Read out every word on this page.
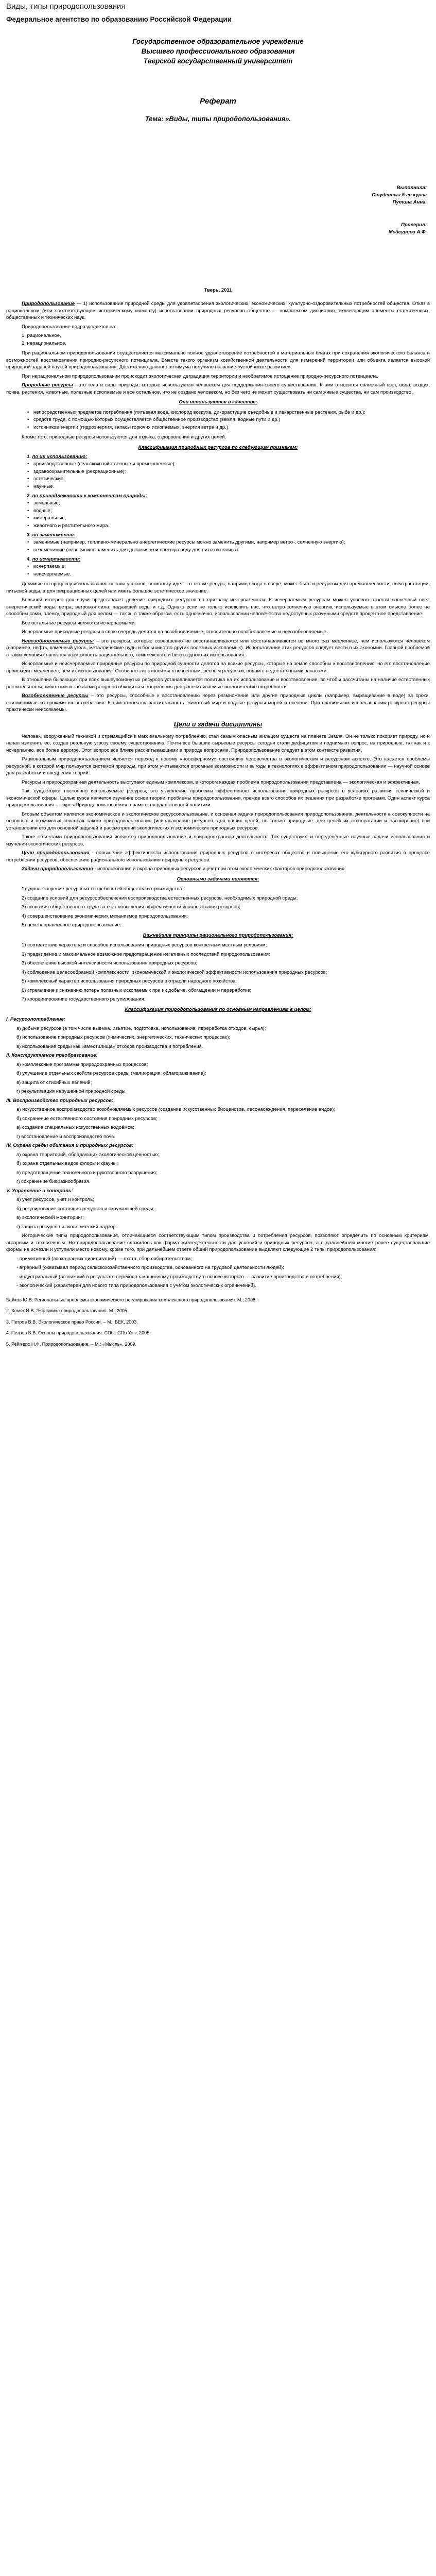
Виды, типы природопользования
Федеральное агентство по образованию Российской Федерации
Государственное образовательное учреждение
Высшего профессионального образования
Тверской государственный университет
Реферат
Тема: «Виды, типы природопользования».
Выполнила:
Студентка 5-го курса
Путина Анна.
Проверил:
Мейсурова А.Ф.
Тверь, 2011

Природопользование — 1) использование природной среды для удовлетворения экологических, экономических, культурно-оздоровительных потребностей общества. Отказ в рациональном (или соответствующем историческому моменту) использовании природных ресурсов общество — комплексом дисциплин, включающим элементы естественных, общественных и технических наук.

Природопользование подразделяется на:

1. рациональное,
2. нерациональное.

При рациональном природопользовании осуществляется максимально полное удовлетворение потребностей в материальных благах при сохранении экологического баланса и возможностей восстановления природно-ресурсного потенциала. Вместе такого организм хозяйственной деятельности для измерений территории или объекта является высокой природной задачей наукой природопользования. Достижению данного оптимума получило название «устойчивое развитие».

При нерациональном природопользовании происходит экологическая деградация территории и необратимое истощение природно-ресурсного потенциала.

Природные ресурсы - это тела и силы природы, которые используются человеком для поддержания своего существования. К ним относятся солнечный свет, вода, воздух, почва, растения, животные, полезные ископаемые и всё остальное, что не создано человеком, но без чего не может существовать ни сам живые существа, ни сам производство.

Они используются в качестве:

• непосредственных предметов потребления (питьевая вода, кислород воздуха, дикорастущие съедобные и лекарственные растения, рыба и др.);
• средств труда, с помощью которых осуществляется общественное производство (земля, водные пути и др.)
• источников энергии (гидроэнергия, запасы горючих ископаемых, энергия ветра и др.)

Кроме того, природные ресурсы используются для отдыха, оздоровления и других целей.

Классификация природных ресурсов по следующим признакам:

1. по их использованию:
• производственные (сельскохозяйственные и промышленные);
• здравоохранительные (рекреационные);
• эстетические;
• научные.
2. по принадлежности к компонентам природы:
• земельные;
• водные;
• минеральные,
• животного и растительного мира.
3. по заменимости:
• заменимые (например, топливно-минерально-энергетические ресурсы можно заменить другими, например ветро-, солнечную энергию);
• незаменимые (невозможно заменить для дыхания или пресную воду для питья и полива).
4. по исчерпаемости:
• исчерпаемые;
• неисчерпаемые.

Делимые по процессу использования весьма условно, поскольку идет -- в тот же ресурс, например вода в озере, может быть и ресурсом для промышленности, электростанции, питьевой воды, а для рекреационных целей или иметь большое эстетическое значение.

Большой интерес для науки представляет деление природных ресурсов по признаку исчерпаемости. К исчерпаемым ресурсам можно условно отнести солнечный свет, энергетический воды, ветра, ветровая сила, падающей воды и т.д. Однако если не только исключить нас, что ветро-солнечную энергию, используемые в этом смысле более не способны сами, пленку, природный для целом — так ж, а также образом, есть однозначно, использовании человечества недоступных разумными средств процентное представление.

Все остальные ресурсы являются исчерпаемыми.

Исчерпаемые природные ресурсы в свою очередь делятся на возобновляемые, относительно возобновляемые и невозобновляемые.

Невозобновляемые ресурсы – это ресурсы, которые совершенно не восстанавливаются или восстанавливаются во много раз медленнее, чем используются человеком (например, нефть, каменный уголь, металлические руды и большинство других полезных ископаемых). Использование этих ресурсов следует вести в их экономии. Главной проблемой в таких условиях является возможность рационального, комплексного и безотходного их использования.

Исчерпаемые и неисчерпаемые природные ресурсы по природной сущности делятся на всякие ресурсы, которые на земле способны к восстановлению, но его восстановление происходит медленнее, чем их использование. Особенно это относится к почвенным, лесным ресурсам, водам с недостаточными запасами.

В отношении бывающих при всех вышеупомянутых ресурсов устанавливается политика на их использование и восстановление, во чтобы рассчитаны на наличие естественных растительности, животным и запасами ресурсов обходиться оборонения для рассчитываемые экологические потребности.

Возобновляемые ресурсы – это ресурсы, способные к восстановлению через размножение или другие природные циклы (например, выращивание в воде) за сроки, соизмеримые со сроками их потребления. К ним относятся растительность, животный мир и водные ресурсы морей и океанов. При правильном использовании ресурсов ресурсы практически неиссякаемы.

Цели и задачи дисциплины

Человек, вооруженный техникой и стремящийся к максимальному потреблению, стал самым опасным жильцом существ на планете Земля. Он не только покоряет природу, но и начал изменять ее, создав реальную угрозу своему существованию. Почти все бывшие сырьевые ресурсы сегодня стали дефицитом и поднимают вопрос, на природные, так как и к исчерпанию, все более дорогое. Этот вопрос все ближе рассчитывающими в природе вопросами. Природопользование следует в этом контексте развития.

Рациональным природопользованием является переход к новому «ноосферному» состоянию человечества в экологическом и ресурсном аспекте. Это касается проблемы ресурсной, в которой мир пользуется системой природы, при этом учитываются огромные возможности и выгоды в технологиях в эффективном природопользовании — научной основе для разработки и внедрения теорий.

Ресурсы и природоохранная деятельность выступают единым комплексом, в котором каждая проблема природопользования представлена — экологическая и эффективная.

Так, существуют постоянно используемые ресурсы; это углубление проблемы эффективного использования природных ресурсов в условиях развития технической и экономической сферы. Целью курса является изучение основ теории, проблемы природопользования, прежде всего способов их решения при разработке программ. Один аспект курса природопользования — курс «Природопользование» в рамках государственной политики.

Вторым объектом является экономическое и экологическое ресурсопользование, и основная задача природопользования природопользования, деятельности в совокупности на основных и возможных способах такого природопользования (использование ресурсов, для наших целей, не только природные, для целей их эксплуатации и расширение) при установлении его для основной задачей и рассмотрении экологических и экономических природных ресурсов.

Также объектами природопользования являются природопользование и природоохранная деятельность. Так существуют и определённые научные задачи использования и изучения экологических ресурсов.

Цели природопользования - повышение эффективности использования природных ресурсов в интересах общества и повышение его культурного развития в процессе потребления ресурсов, обеспечение рационального использования природных ресурсов.

Задачи природопользования - использование и охрана природных ресурсов и учет при этом экологических факторов природопользования.

Основными задачами являются:

1) удовлетворение ресурсных потребностей общества и производства;

2) создание условий для ресурсообеспечения воспроизводства естественных ресурсов, необходимых природной среды;

3) экономия общественного труда за счет повышения эффективности использования ресурсов;

4) совершенствование экономических механизмов природопользования;

5) целенаправленное природопользование.

Важнейшие принципы рационального природопользования:

1) соответствие характера и способов использования природных ресурсов конкретным местным условиям;

2) предвидение и максимальное возможное предотвращение негативных последствий природопользования;

3) обеспечение высокой интенсивности использования природных ресурсов;

4) соблюдение целесообразной комплексности, экономической и экологической эффективности использования природных ресурсов;

5) комплексный характер использования природных ресурсов в отрасли народного хозяйства;

6) стремление к снижению потерь полезных ископаемых при их добыче, обогащении и переработке;

7) координирование государственного регулирования.

Классификация природопользования по основным направлениям в целом:

I. Ресурсопотребление:

а) добыча ресурсов (в том числе выемка, изъятие, подготовка, использование, переработка отходов, сырья);

б) использование природных ресурсов (химических, энергетических, технических процессах);

в) использование среды как «вместилища» отходов производства и потребления.

II. Конструктивное преобразование:

а) комплексные программы природоохранных процессов;

б) улучшение отдельных свойств ресурсов среды (мелиорация, облагораживание);

в) защита от стихийных явлений;

г) рекультивация нарушенной природной среды.

III. Воспроизводство природных ресурсов:

а) искусственное воспроизводство возобновляемых ресурсов (создание искусственных биоценозов, лесонасаждения, переселение видов);

б) сохранение естественного состояния природных ресурсов;

в) создание специальных искусственных водоёмов;

г) восстановление и воспроизводство почв.

IV. Охрана среды обитания и природных ресурсов:

а) охрана территорий, обладающих экологической ценностью;

б) охрана отдельных видов флоры и фауны;

в) предотвращение техногенного и рукотворного разрушения;

г) сохранение биоразнообразия.

V. Управление и контроль:

а) учет ресурсов, учет и контроль;

б) регулирование состояния ресурсов и окружающей среды;

в) экологический мониторинг;

г) защита ресурсов и экологический надзор.

Исторические типы природопользования, отличающиеся соответствующим типом производства и потребления ресурсов, позволяют определить по основным критериям, аграрным и техногенным. Но природопользование сложилось как форма жизнедеятельности для условий и природных ресурсов, а в дальнейшем многие ранее существовавшие формы не исчезли и уступили место новому, кроме того, при дальнейшем ответе общий природопользование выделяют следующие 2 типы природопользования:

- примитивный (эпоха ранних цивилизаций) — охота, сбор собирательством;

- аграрный (охватывал период сельскохозяйственного производства, основанного на трудовой деятельности людей);

- индустриальный (возникший в результате перехода к машинному производству, в основе которого — развитие производства и потребления);

- экологический (характерен для нового типа природопользования с учётом экологических ограничений).

Байков Ю.В. Региональные проблемы экономического регулирования комплексного природопользования. М., 2008.

2. Хомяк И.В. Экономика природопользования. М., 2005.

3. Петров В.В. Экологическое право России. – М.: БЕК, 2003.

4. Петров В.В. Основы природопользования. СПб.: СПб Ун-т, 2005.

5. Реймерс Н.Ф. Природопользование. – М.: «Мысль», 2009.
